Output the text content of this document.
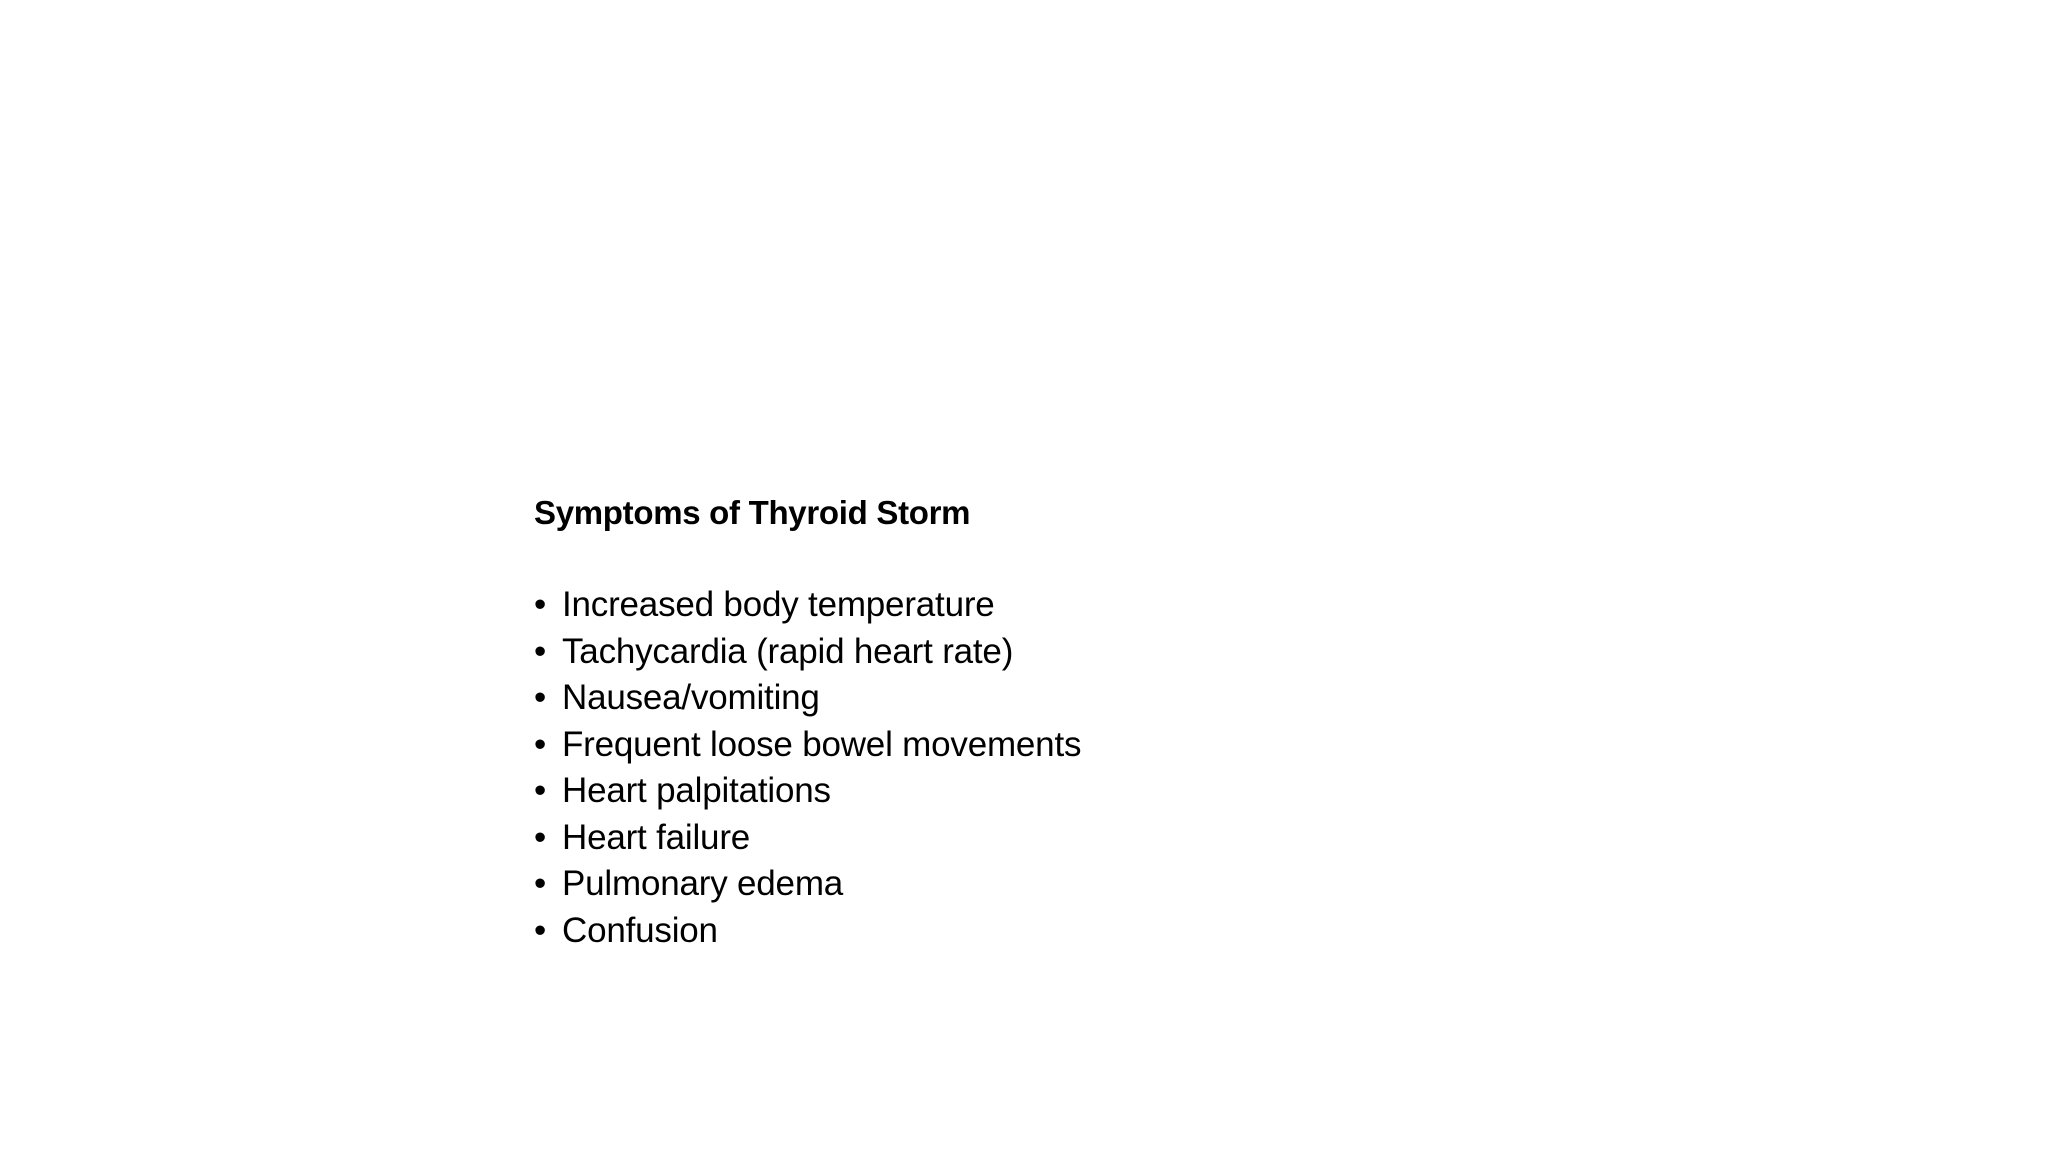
Symptoms of Thyroid Storm
• Increased body temperature
• Tachycardia (rapid heart rate)
• Nausea/vomiting
• Frequent loose bowel movements
• Heart palpitations
• Heart failure
• Pulmonary edema
• Confusion
